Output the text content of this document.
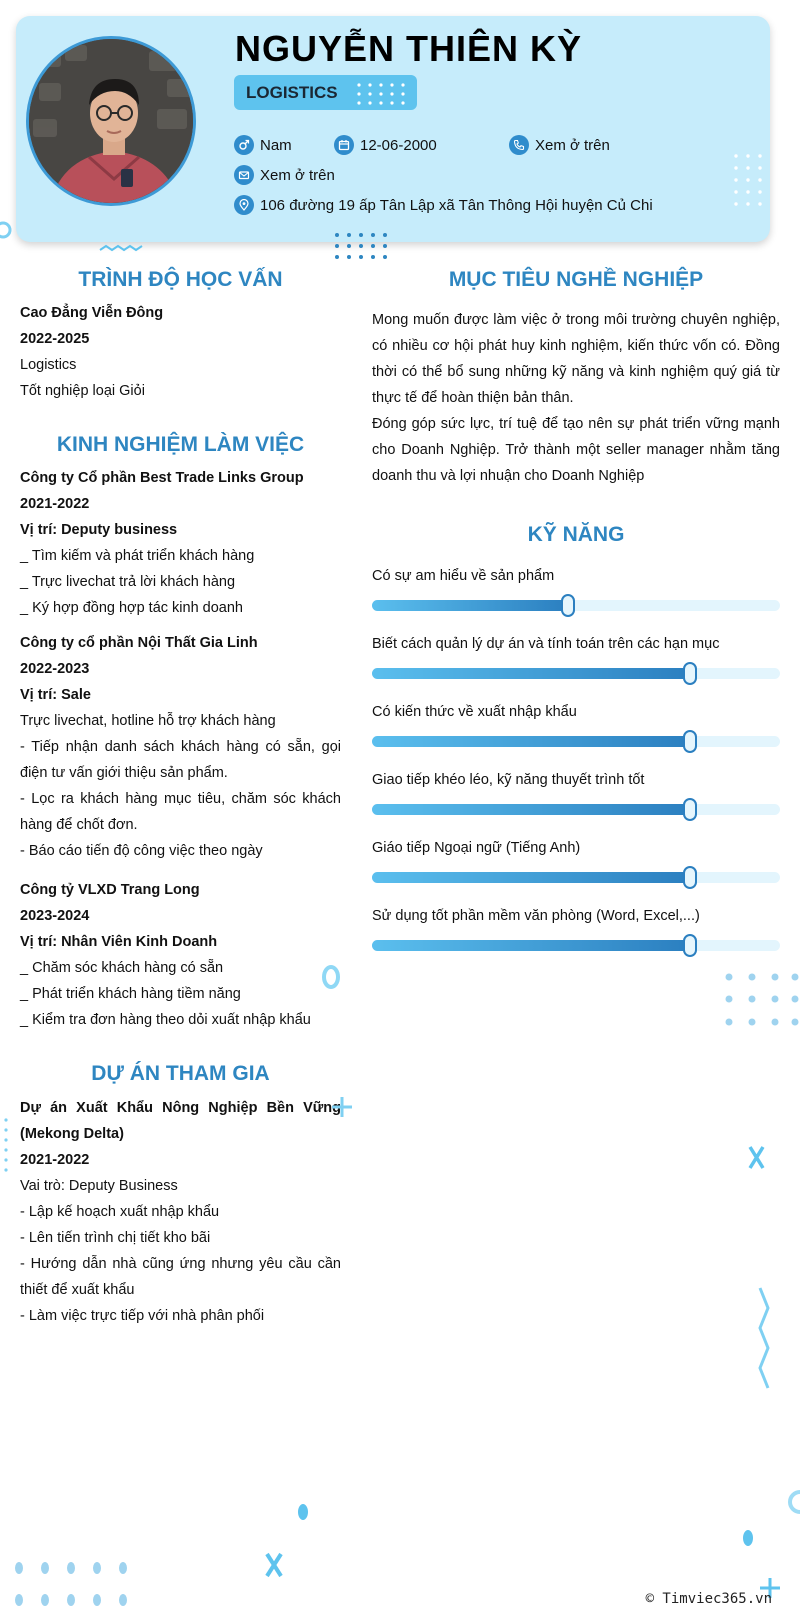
NGUYỄN THIÊN KỲ
LOGISTICS
Nam	12-06-2000	Xem ở trên
Xem ở trên
106 đường 19 ấp Tân Lập xã Tân Thông Hội huyện Củ Chi
TRÌNH ĐỘ HỌC VẤN
Cao Đẳng Viễn Đông
2022-2025
Logistics
Tốt nghiệp loại Giỏi
KINH NGHIỆM LÀM VIỆC
Công ty Cổ phần Best Trade Links Group
2021-2022
Vị trí: Deputy business
_ Tìm kiếm và phát triển khách hàng
_ Trực livechat trả lời khách hàng
_ Ký hợp đồng hợp tác kinh doanh
Công ty cổ phần Nội Thất Gia Linh
2022-2023
Vị trí: Sale
Trực livechat, hotline hỗ trợ khách hàng
- Tiếp nhận danh sách khách hàng có sẵn, gọi điện tư vấn giới thiệu sản phẩm.
- Lọc ra khách hàng mục tiêu, chăm sóc khách hàng để chốt đơn.
- Báo cáo tiến độ công việc theo ngày
Công tỷ VLXD Trang Long
2023-2024
Vị trí: Nhân Viên Kinh Doanh
_ Chăm sóc khách hàng có sẵn
_ Phát triển khách hàng tiềm năng
_ Kiểm tra đơn hàng theo dỏi xuất nhập khẩu
DỰ ÁN THAM GIA
Dự án Xuất Khẩu Nông Nghiệp Bền Vững (Mekong Delta)
2021-2022
Vai trò: Deputy Business
- Lập kế hoạch xuất nhập khẩu
- Lên tiến trình chị tiết kho bãi
- Hướng dẫn nhà cũng ứng nhưng yêu cầu cần thiết để xuất khẩu
- Làm việc trực tiếp với nhà phân phối
MỤC TIÊU NGHỀ NGHIỆP
Mong muốn được làm việc ở trong môi trường chuyên nghiệp, có nhiều cơ hội phát huy kinh nghiệm, kiến thức vốn có. Đồng thời có thể bổ sung những kỹ năng và kinh nghiệm quý giá từ thực tế để hoàn thiện bản thân.
Đóng góp sức lực, trí tuệ để tạo nên sự phát triển vững mạnh cho Doanh Nghiệp. Trở thành một seller manager nhằm tăng doanh thu và lợi nhuận cho Doanh Nghiệp
KỸ NĂNG
Có sự am hiểu về sản phẩm
Biết cách quản lý dự án và tính toán trên các hạn mục
Có kiến thức về xuất nhập khẩu
Giao tiếp khéo léo, kỹ năng thuyết trình tốt
Giáo tiếp Ngoại ngữ (Tiếng Anh)
Sử dụng tốt phần mềm văn phòng (Word, Excel,...)
© Timviec365.vn
